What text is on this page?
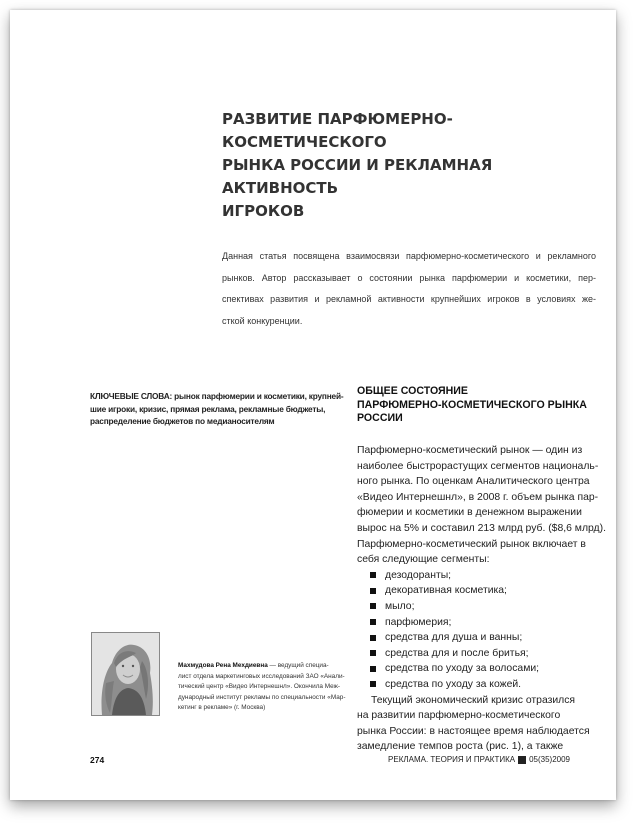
РАЗВИТИЕ ПАРФЮМЕРНО-КОСМЕТИЧЕСКОГО
РЫНКА РОССИИ И РЕКЛАМНАЯ АКТИВНОСТЬ
ИГРОКОВ

Данная статья посвящена взаимосвязи парфюмерно-косметического и рекламного
рынков. Автор рассказывает о состоянии рынка парфюмерии и косметики, пер-
спективах развития и рекламной активности крупнейших игроков в условиях же-
сткой конкуренции.

КЛЮЧЕВЫЕ СЛОВА: рынок парфюмерии и косметики, крупней-
шие игроки, кризис, прямая реклама, рекламные бюджеты,
распределение бюджетов по медианосителям

ОБЩЕЕ СОСТОЯНИЕ
ПАРФЮМЕРНО-КОСМЕТИЧЕСКОГО РЫНКА
РОССИИ
Парфюмерно-косметический рынок — один из
наиболее быстрорастущих сегментов националь-
ного рынка. По оценкам Аналитического центра
«Видео Интернешнл», в 2008 г. объем рынка пар-
фюмерии и косметики в денежном выражении
вырос на 5% и составил 213 млрд руб. ($8,6 млрд).
Парфюмерно-косметический рынок включает в
себя следующие сегменты:
дезодоранты;
декоративная косметика;
мыло;
парфюмерия;
средства для душа и ванны;
средства для и после бритья;
средства по уходу за волосами;
средства по уходу за кожей.
Текущий экономический кризис отразился
на развитии парфюмерно-косметического
рынка России: в настоящее время наблюдается
замедление темпов роста (рис. 1), а также

Махмудова Рена Мехдиевна — ведущий специа-
лист отдела маркетинговых исследований ЗАО «Анали-
тический центр «Видео Интернешнл». Окончила Меж-
дународный институт рекламы по специальности «Мар-
кетинг в рекламе» (г. Москва)

274	РЕКЛАМА. ТЕОРИЯ И ПРАКТИКА 05(35)2009
